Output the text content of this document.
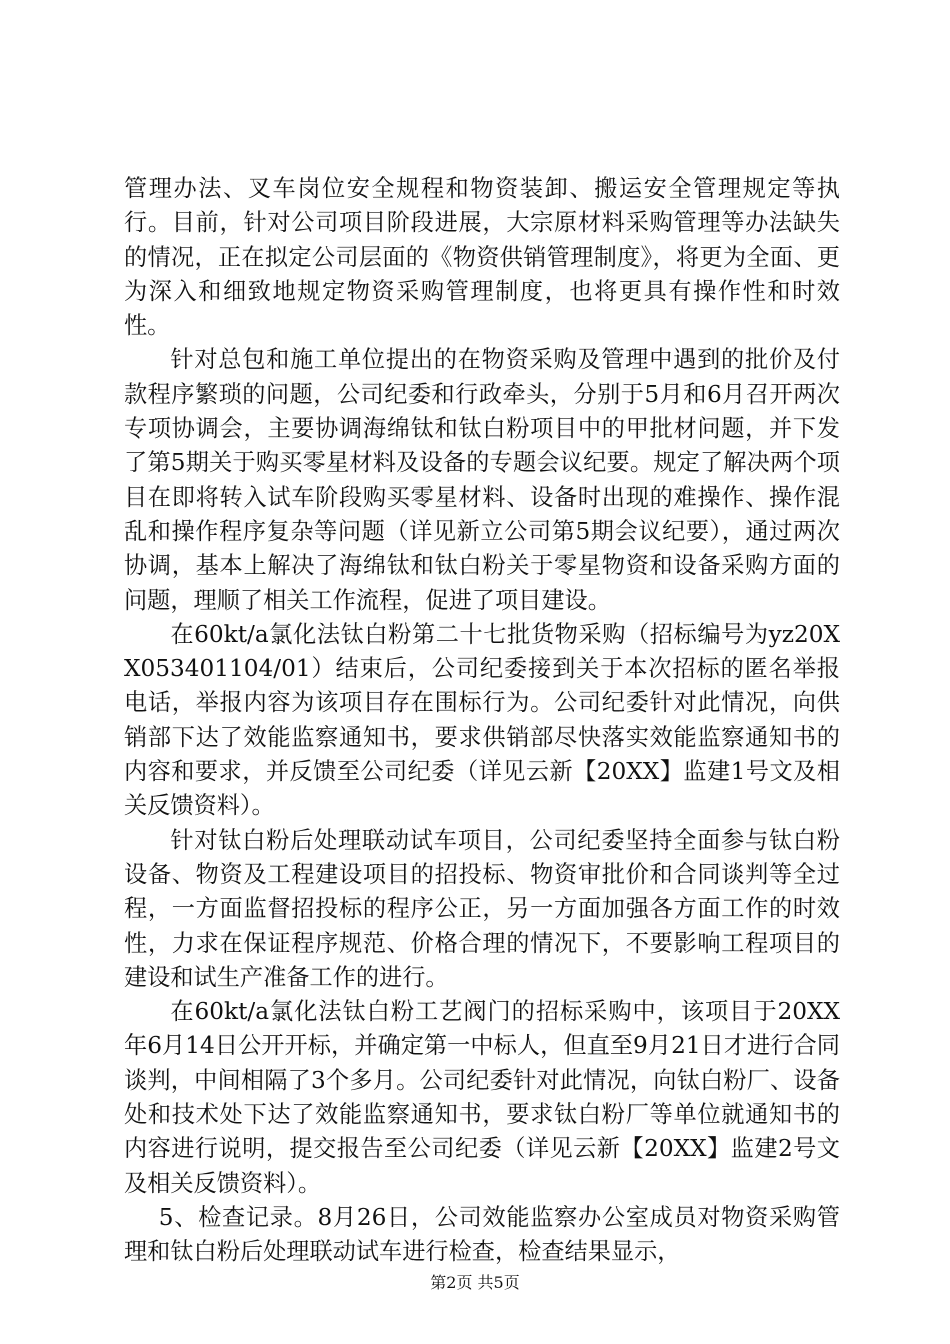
管理办法、叉车岗位安全规程和物资装卸、搬运安全管理规定等执行。目前，针对公司项目阶段进展，大宗原材料采购管理等办法缺失的情况，正在拟定公司层面的《物资供销管理制度》，将更为全面、更为深入和细致地规定物资采购管理制度，也将更具有操作性和时效性。

针对总包和施工单位提出的在物资采购及管理中遇到的批价及付款程序繁琐的问题，公司纪委和行政牵头，分别于5月和6月召开两次专项协调会，主要协调海绵钛和钛白粉项目中的甲批材问题，并下发了第5期关于购买零星材料及设备的专题会议纪要。规定了解决两个项目在即将转入试车阶段购买零星材料、设备时出现的难操作、操作混乱和操作程序复杂等问题（详见新立公司第5期会议纪要），通过两次协调，基本上解决了海绵钛和钛白粉关于零星物资和设备采购方面的问题，理顺了相关工作流程，促进了项目建设。

在60kt/a氯化法钛白粉第二十七批货物采购（招标编号为yz20XX053401104/01）结束后，公司纪委接到关于本次招标的匿名举报电话，举报内容为该项目存在围标行为。公司纪委针对此情况，向供销部下达了效能监察通知书，要求供销部尽快落实效能监察通知书的内容和要求，并反馈至公司纪委（详见云新【20XX】监建1号文及相关反馈资料）。

针对钛白粉后处理联动试车项目，公司纪委坚持全面参与钛白粉设备、物资及工程建设项目的招投标、物资审批价和合同谈判等全过程，一方面监督招投标的程序公正，另一方面加强各方面工作的时效性，力求在保证程序规范、价格合理的情况下，不要影响工程项目的建设和试生产准备工作的进行。

在60kt/a氯化法钛白粉工艺阀门的招标采购中，该项目于20XX年6月14日公开开标，并确定第一中标人，但直至9月21日才进行合同谈判，中间相隔了3个多月。公司纪委针对此情况，向钛白粉厂、设备处和技术处下达了效能监察通知书，要求钛白粉厂等单位就通知书的内容进行说明，提交报告至公司纪委（详见云新【20XX】监建2号文及相关反馈资料）。

5、检查记录。8月26日，公司效能监察办公室成员对物资采购管理和钛白粉后处理联动试车进行检查，检查结果显示，

第2页 共5页
